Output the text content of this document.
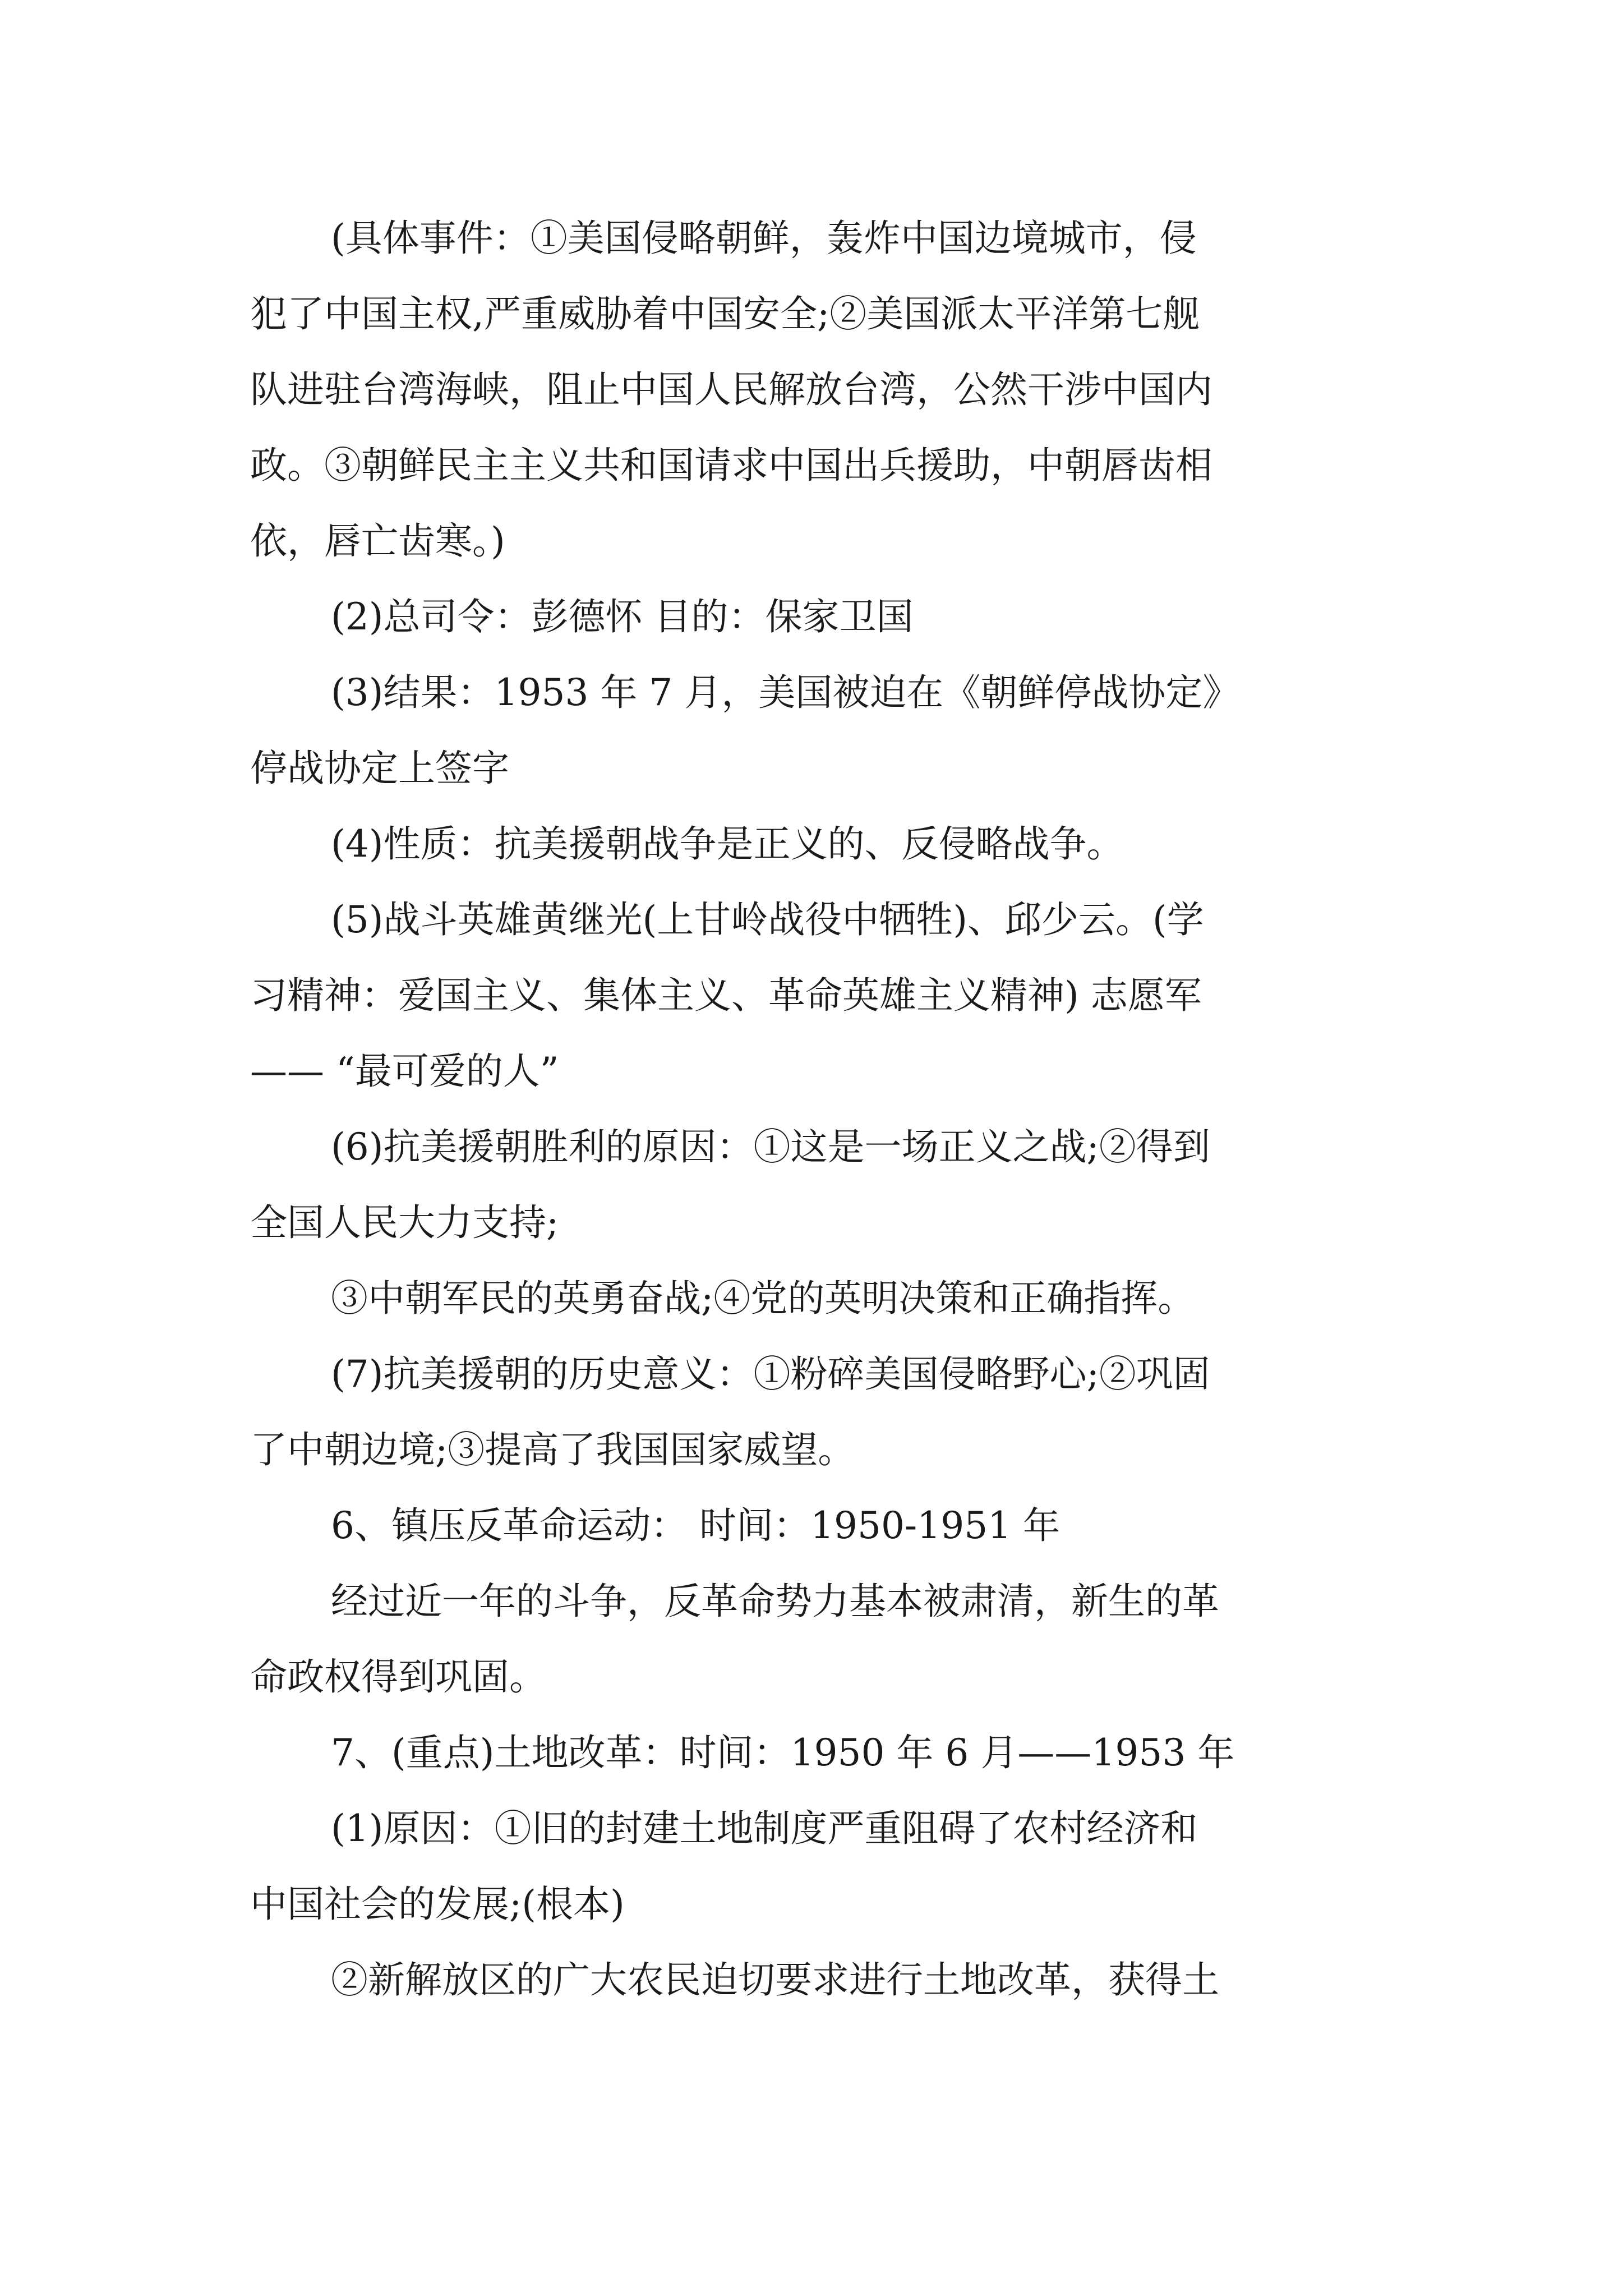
(具体事件：①美国侵略朝鲜，轰炸中国边境城市，侵
犯了中国主权,严重威胁着中国安全;②美国派太平洋第七舰
队进驻台湾海峡，阻止中国人民解放台湾，公然干涉中国内
政。③朝鲜民主主义共和国请求中国出兵援助，中朝唇齿相
依，唇亡齿寒。)
(2)总司令：彭德怀 目的：保家卫国
(3)结果：1953 年 7 月，美国被迫在《朝鲜停战协定》
停战协定上签字
(4)性质：抗美援朝战争是正义的、反侵略战争。
(5)战斗英雄黄继光(上甘岭战役中牺牲)、邱少云。(学
习精神：爱国主义、集体主义、革命英雄主义精神) 志愿军
—— “最可爱的人”
(6)抗美援朝胜利的原因：①这是一场正义之战;②得到
全国人民大力支持;
③中朝军民的英勇奋战;④党的英明决策和正确指挥。
(7)抗美援朝的历史意义：①粉碎美国侵略野心;②巩固
了中朝边境;③提高了我国国家威望。
6、镇压反革命运动： 时间：1950-1951 年
经过近一年的斗争，反革命势力基本被肃清，新生的革
命政权得到巩固。
7、(重点)土地改革：时间：1950 年 6 月——1953 年
(1)原因：①旧的封建土地制度严重阻碍了农村经济和
中国社会的发展;(根本)
②新解放区的广大农民迫切要求进行土地改革，获得土
